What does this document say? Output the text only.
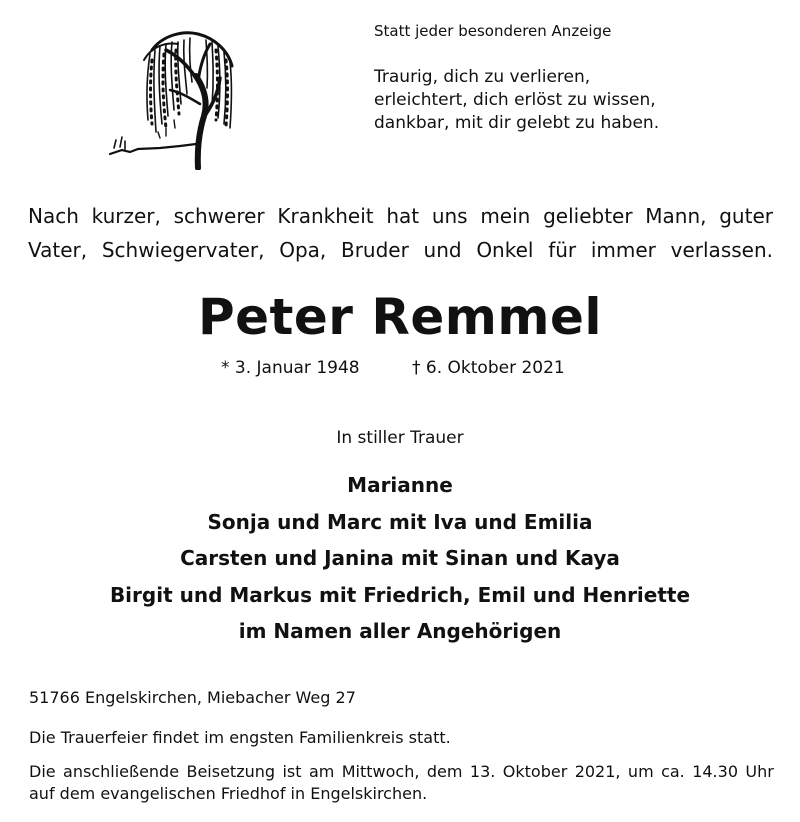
Statt jeder besonderen Anzeige
Traurig, dich zu verlieren,
erleichtert, dich erlöst zu wissen,
dankbar, mit dir gelebt zu haben.
Nach kurzer, schwerer Krankheit hat uns mein geliebter Mann, guter
Vater, Schwiegervater, Opa, Bruder und Onkel für immer verlassen.
Peter Remmel
* 3. Januar 1948	† 6. Oktober 2021
In stiller Trauer
Marianne
Sonja und Marc mit Iva und Emilia
Carsten und Janina mit Sinan und Kaya
Birgit und Markus mit Friedrich, Emil und Henriette
im Namen aller Angehörigen
51766 Engelskirchen, Miebacher Weg 27
Die Trauerfeier findet im engsten Familienkreis statt.
Die anschließende Beisetzung ist am Mittwoch, dem 13. Oktober 2021, um ca. 14.30 Uhr
auf dem evangelischen Friedhof in Engelskirchen.
